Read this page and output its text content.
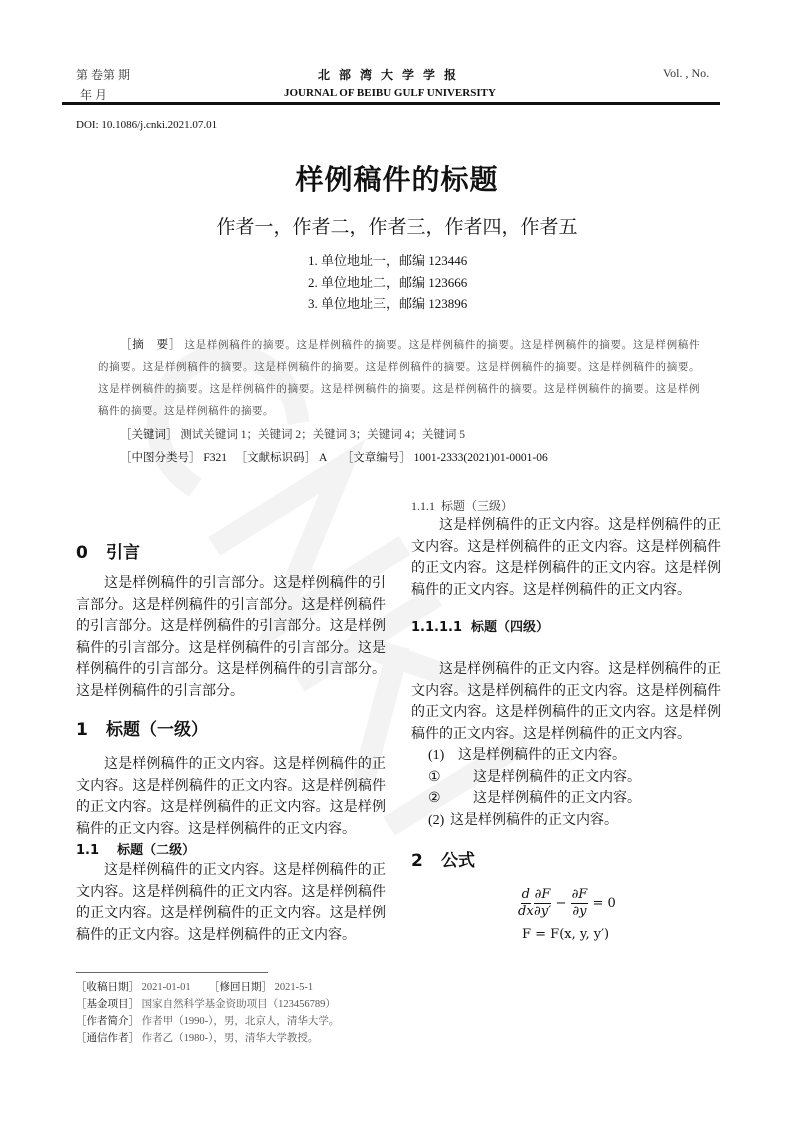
第 卷第 期
年 月
北部湾大学学报
JOURNAL OF BEIBU GULF UNIVERSITY
Vol. , No.
DOI: 10.1086/j.cnki.2021.07.01
样例稿件的标题
作者一，作者二，作者三，作者四，作者五
1. 单位地址一，邮编 123446
2. 单位地址二，邮编 123666
3. 单位地址三，邮编 123896
［摘　要］ 这是样例稿件的摘要。这是样例稿件的摘要。这是样例稿件的摘要。这是样例稿件的摘要。这是样例稿件的摘要。这是样例稿件的摘要。这是样例稿件的摘要。这是样例稿件的摘要。这是样例稿件的摘要。这是样例稿件的摘要。这是样例稿件的摘要。这是样例稿件的摘要。这是样例稿件的摘要。这是样例稿件的摘要。这是样例稿件的摘要。这是样例稿件的摘要。这是样例稿件的摘要。
［关键词］ 测试关键词 1；关键词 2；关键词 3；关键词 4；关键词 5
［中图分类号］ F321 ［文献标识码］ A ［文章编号］ 1001-2333(2021)01-0001-06
0 引言

这是样例稿件的引言部分。这是样例稿件的引言部分。这是样例稿件的引言部分。这是样例稿件的引言部分。这是样例稿件的引言部分。这是样例稿件的引言部分。这是样例稿件的引言部分。这是样例稿件的引言部分。这是样例稿件的引言部分。这是样例稿件的引言部分。

1 标题（一级）

这是样例稿件的正文内容。这是样例稿件的正文内容。这是样例稿件的正文内容。这是样例稿件的正文内容。这是样例稿件的正文内容。这是样例稿件的正文内容。这是样例稿件的正文内容。

1.1    标题（二级）

这是样例稿件的正文内容。这是样例稿件的正文内容。这是样例稿件的正文内容。这是样例稿件的正文内容。这是样例稿件的正文内容。这是样例稿件的正文内容。这是样例稿件的正文内容。

1.1.1  标题（三级）

这是样例稿件的正文内容。这是样例稿件的正文内容。这是样例稿件的正文内容。这是样例稿件的正文内容。这是样例稿件的正文内容。这是样例稿件的正文内容。这是样例稿件的正文内容。

1.1.1.1  标题（四级）

这是样例稿件的正文内容。这是样例稿件的正文内容。这是样例稿件的正文内容。这是样例稿件的正文内容。这是样例稿件的正文内容。这是样例稿件的正文内容。这是样例稿件的正文内容。

(1) 这是样例稿件的正文内容。
① 这是样例稿件的正文内容。
② 这是样例稿件的正文内容。
(2) 这是样例稿件的正文内容。
2 公式
$\frac{d}{dx} \frac{\partial F}{\partial y'} - \frac{\partial F}{\partial y} = 0$
F = F(x, y, y′)
［收稿日期］ 2021-01-01 ［修回日期］ 2021-5-1
［基金项目］ 国家自然科学基金资助项目（123456789）
［作者简介］ 作者甲（1990-），男，北京人，清华大学。
［通信作者］ 作者乙（1980-），男，清华大学教授。
